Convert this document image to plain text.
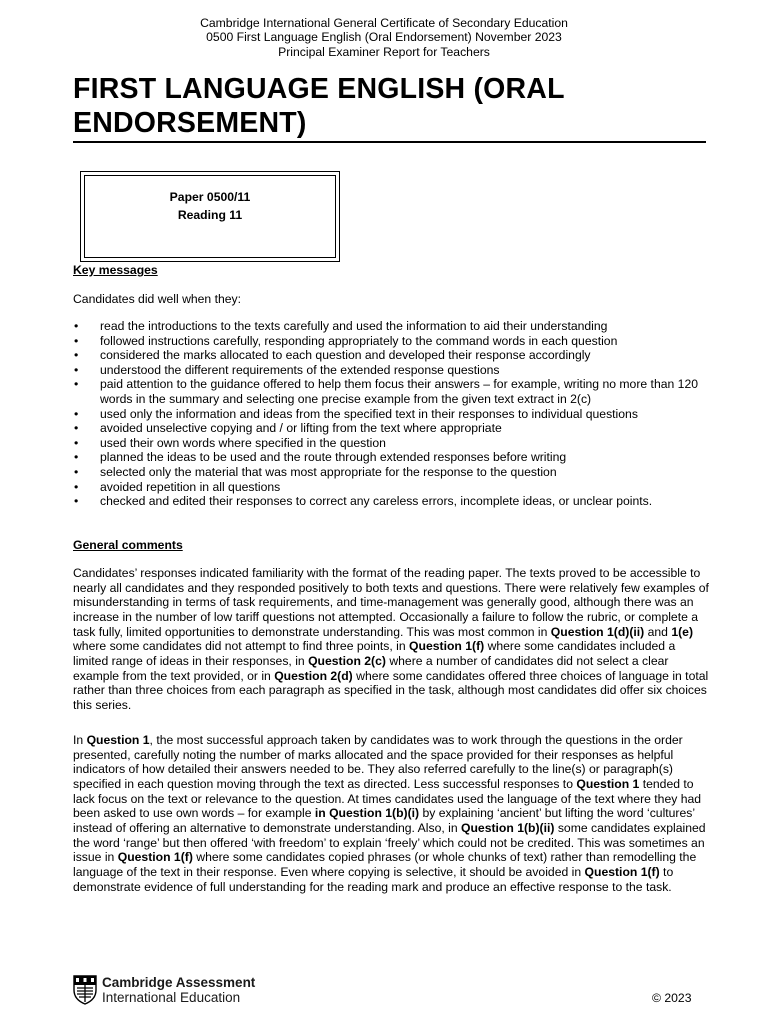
Cambridge International General Certificate of Secondary Education
0500 First Language English (Oral Endorsement) November 2023
Principal Examiner Report for Teachers
FIRST LANGUAGE ENGLISH (ORAL
ENDORSEMENT)
Paper 0500/11
Reading 11
Key messages
Candidates did well when they:
• read the introductions to the texts carefully and used the information to aid their understanding
• followed instructions carefully, responding appropriately to the command words in each question
• considered the marks allocated to each question and developed their response accordingly
• understood the different requirements of the extended response questions
• paid attention to the guidance offered to help them focus their answers – for example, writing no more than 120 words in the summary and selecting one precise example from the given text extract in 2(c)
• used only the information and ideas from the specified text in their responses to individual questions
• avoided unselective copying and / or lifting from the text where appropriate
• used their own words where specified in the question
• planned the ideas to be used and the route through extended responses before writing
• selected only the material that was most appropriate for the response to the question
• avoided repetition in all questions
• checked and edited their responses to correct any careless errors, incomplete ideas, or unclear points.
General comments

Candidates’ responses indicated familiarity with the format of the reading paper. The texts proved to be accessible to nearly all candidates and they responded positively to both texts and questions. There were relatively few examples of misunderstanding in terms of task requirements, and time-management was generally good, although there was an increase in the number of low tariff questions not attempted. Occasionally a failure to follow the rubric, or complete a task fully, limited opportunities to demonstrate understanding. This was most common in Question 1(d)(ii) and 1(e) where some candidates did not attempt to find three points, in Question 1(f) where some candidates included a limited range of ideas in their responses, in Question 2(c) where a number of candidates did not select a clear example from the text provided, or in Question 2(d) where some candidates offered three choices of language in total rather than three choices from each paragraph as specified in the task, although most candidates did offer six choices this series.

In Question 1, the most successful approach taken by candidates was to work through the questions in the order presented, carefully noting the number of marks allocated and the space provided for their responses as helpful indicators of how detailed their answers needed to be. They also referred carefully to the line(s) or paragraph(s) specified in each question moving through the text as directed. Less successful responses to Question 1 tended to lack focus on the text or relevance to the question. At times candidates used the language of the text where they had been asked to use own words – for example in Question 1(b)(i) by explaining ‘ancient’ but lifting the word ‘cultures’ instead of offering an alternative to demonstrate understanding. Also, in Question 1(b)(ii) some candidates explained the word ‘range’ but then offered ‘with freedom’ to explain ‘freely’ which could not be credited. This was sometimes an issue in Question 1(f) where some candidates copied phrases (or whole chunks of text) rather than remodelling the language of the text in their response. Even where copying is selective, it should be avoided in Question 1(f) to demonstrate evidence of full understanding for the reading mark and produce an effective response to the task.

Cambridge Assessment
International Education	© 2023
